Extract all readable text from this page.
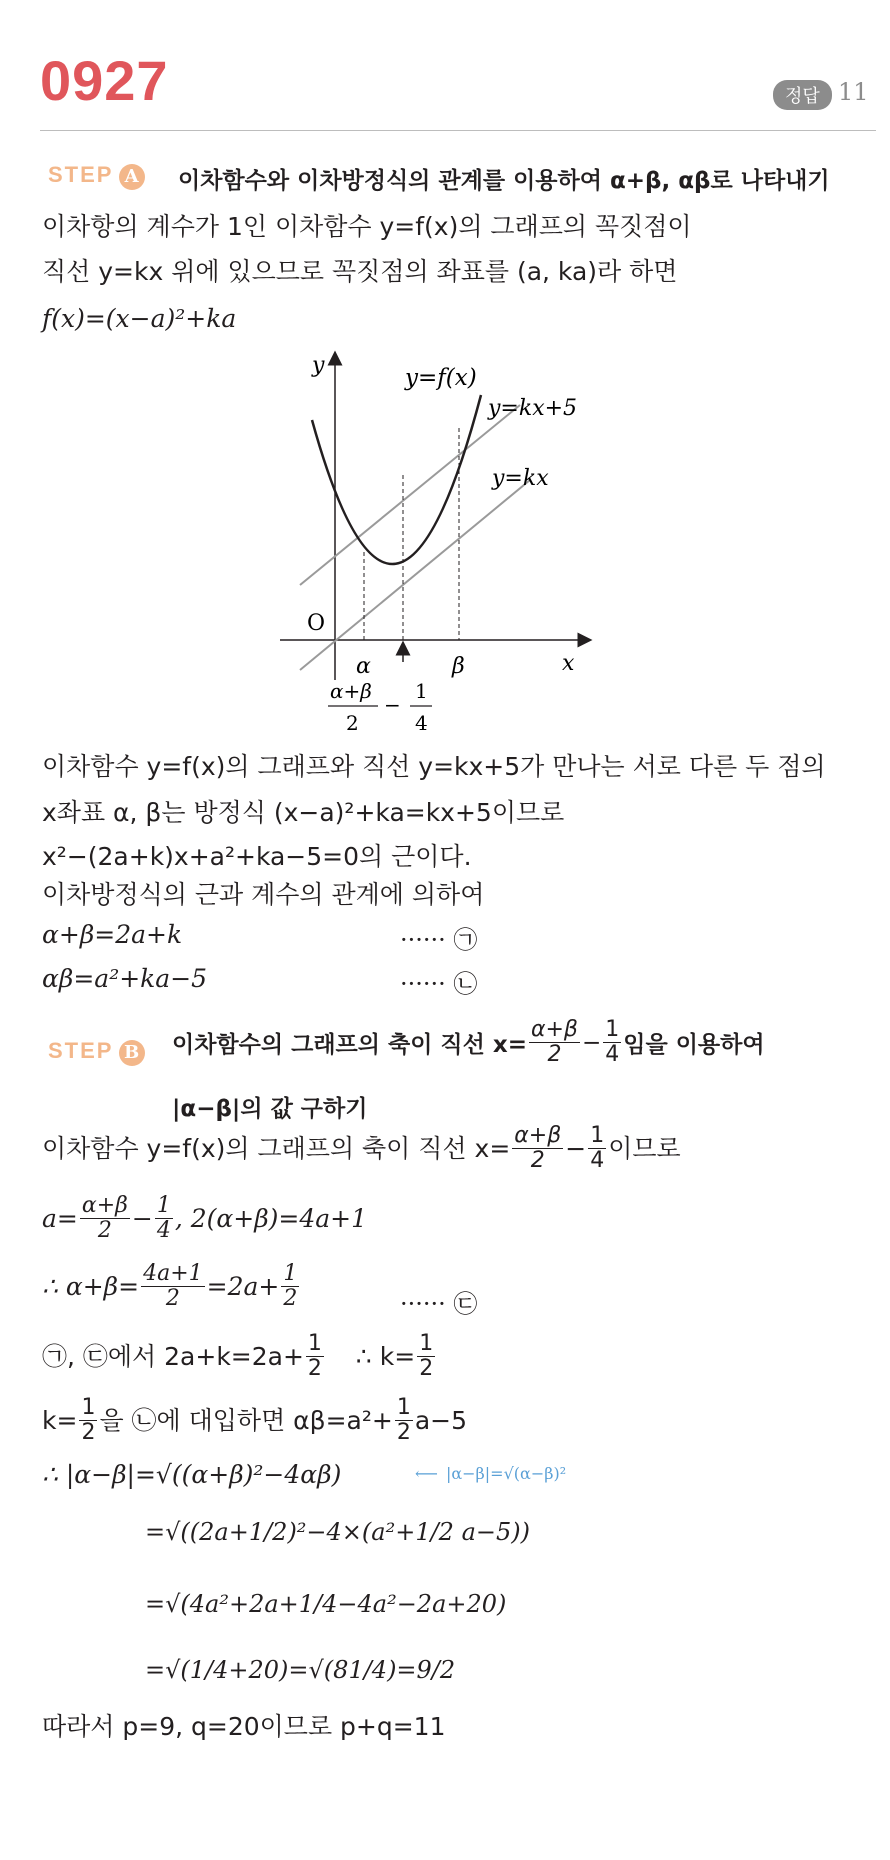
0927	정답 11
STEP A 이차함수와 이차방정식의 관계를 이용하여 α+β, αβ로 나타내기
이차항의 계수가 1인 이차함수 y=f(x)의 그래프의 꼭짓점이
직선 y=kx 위에 있으므로 꼭짓점의 좌표를 (a, ka)라 하면
f(x)=(x−a)²+ka
y
x
O
α	β
y=f(x)
y=kx+5
y=kx
α+β
2
−
1
4
이차함수 y=f(x)의 그래프와 직선 y=kx+5가 만나는 서로 다른 두 점의
x좌표 α, β는 방정식 (x−a)²+ka=kx+5이므로
x²−(2a+k)x+a²+ka−5=0의 근이다.
이차방정식의 근과 계수의 관계에 의하여
α+β=2a+k	······ ㉠
αβ=a²+ka−5	······ ㉡
STEP B 이차함수의 그래프의 축이 직선 $x= \frac{\alpha+\beta}{2} - \frac{1}{4}$ 임을 이용하여
|α−β|의 값 구하기
이차함수 y=f(x)의 그래프의 축이 직선 $x= \frac{\alpha+\beta}{2} - \frac{1}{4}$ 이므로
$a= \frac{\alpha+\beta}{2} - \frac{1}{4}$ , 2(α+β)=4a+1
∴ $\alpha+\beta= \frac{4a+1}{2} =2a+ \frac{1}{2}$	······ ㉢
㉠, ㉢에서 $2a+k=2a+ \frac{1}{2}$ ∴ $k= \frac{1}{2}$
$k= \frac{1}{2}$ 을 ㉡에 대입하면 $\alpha\beta=a^2+ \frac{1}{2} a-5$
∴ |α−β|=√((α+β)²−4αβ)	⟵ |α−β|=√(α−β)²
=√((2a+1/2)²−4×(a²+1/2 a−5))
=√(4a²+2a+1/4−4a²−2a+20)
=√(1/4+20)=√(81/4)=9/2
따라서 p=9, q=20이므로 p+q=11
